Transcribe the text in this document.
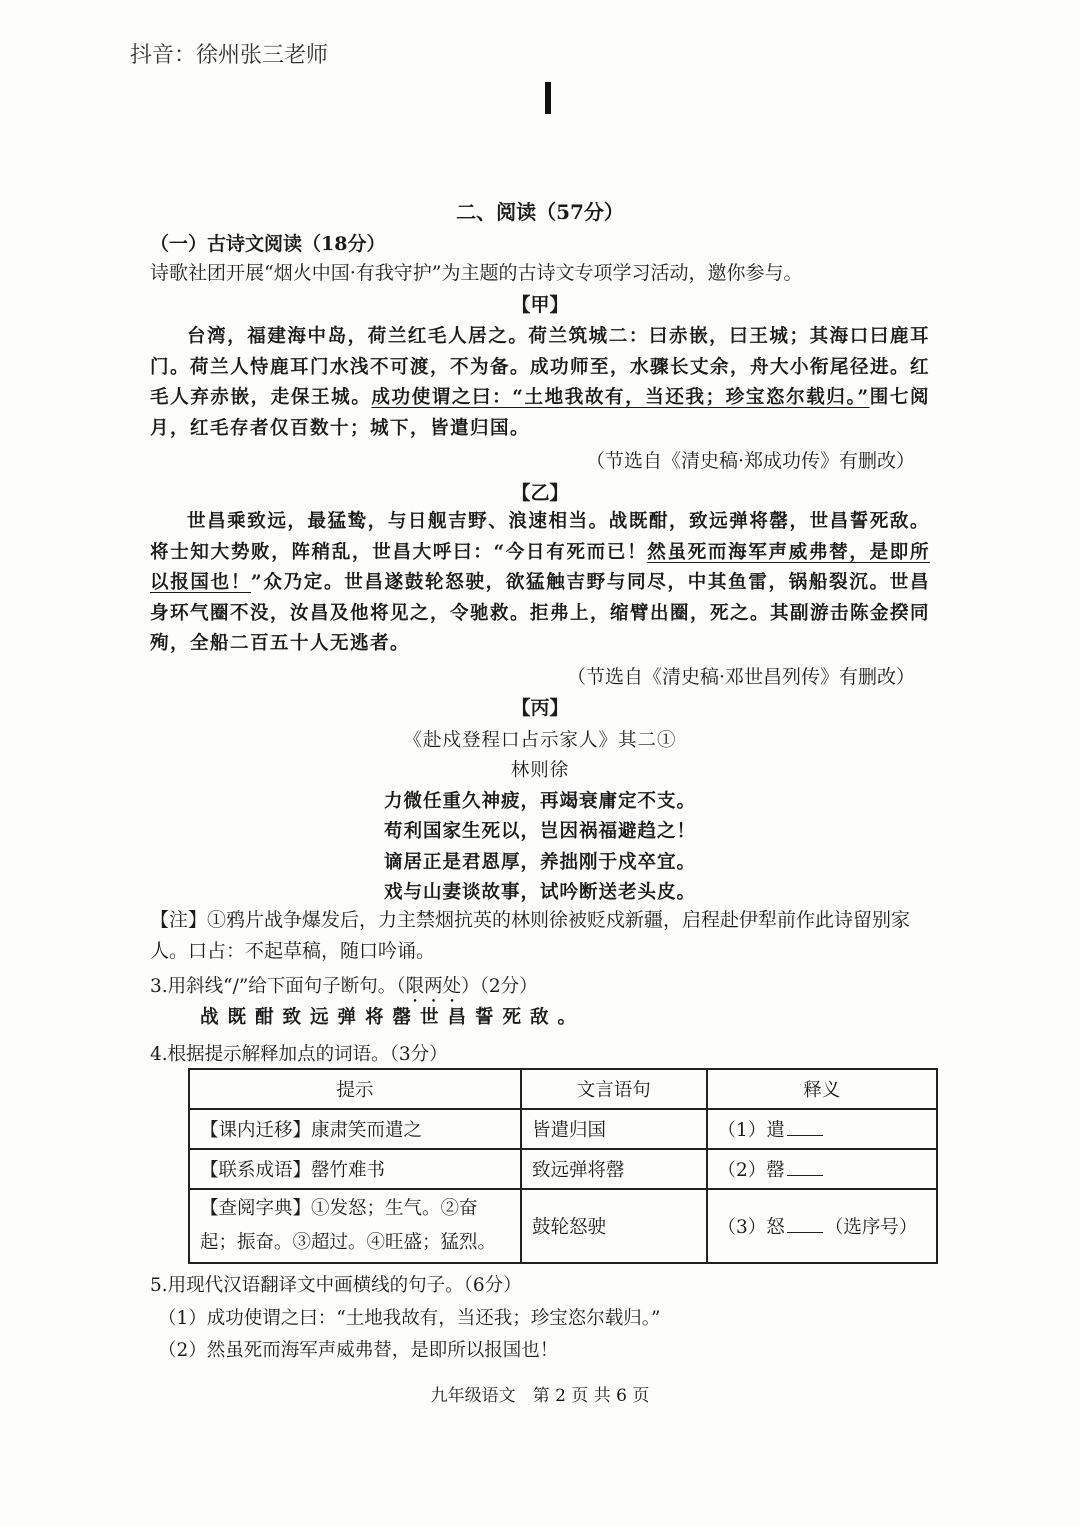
抖音：徐州张三老师
二、阅读（57分）
（一）古诗文阅读（18分）
诗歌社团开展“烟火中国·有我守护”为主题的古诗文专项学习活动，邀你参与。
【甲】
台湾，福建海中岛，荷兰红毛人居之。荷兰筑城二：曰赤嵌，曰王城；其海口曰鹿耳门。荷兰人恃鹿耳门水浅不可渡，不为备。成功师至，水骤长丈余，舟大小衔尾径进。红毛人弃赤嵌，走保王城。成功使谓之曰：“土地我故有，当还我；珍宝恣尔载归。”围七阅月，红毛存者仅百数十；城下，皆遣归国。
（节选自《清史稿·郑成功传》有删改）
【乙】
世昌乘致远，最猛鸷，与日舰吉野、浪速相当。战既酣，致远弹将罄，世昌誓死敌。将士知大势败，阵稍乱，世昌大呼曰：“今日有死而已！然虽死而海军声威弗替，是即所以报国也！”众乃定。世昌遂鼓轮怒驶，欲猛触吉野与同尽，中其鱼雷，锅船裂沉。世昌身环气圈不没，汝昌及他将见之，令驰救。拒弗上，缩臂出圈，死之。其副游击陈金揆同殉，全船二百五十人无逃者。
（节选自《清史稿·邓世昌列传》有删改）
【丙】
《赴戍登程口占示家人》其二①
林则徐
力微任重久神疲，再竭衰庸定不支。
苟利国家生死以，岂因祸福避趋之！
谪居正是君恩厚，养拙刚于戍卒宜。
戏与山妻谈故事，试吟断送老头皮。
【注】①鸦片战争爆发后，力主禁烟抗英的林则徐被贬戍新疆，启程赴伊犁前作此诗留别家人。口占：不起草稿，随口吟诵。
3.用斜线“/”给下面句子断句。（限两处）（2分）
战既酣致远弹将罄世昌誓死敌。
4.根据提示解释加点的词语。（3分）
提示	文言语句	释义
【课内迁移】康肃笑而遣之	皆遣归国	（1）遣
【联系成语】罄竹难书	致远弹将罄	（2）罄
【查阅字典】①发怒；生气。②奋起；振奋。③超过。④旺盛；猛烈。	鼓轮怒驶	（3）怒 （选序号）
5.用现代汉语翻译文中画横线的句子。（6分）
（1）成功使谓之曰：“土地我故有，当还我；珍宝恣尔载归。”
（2）然虽死而海军声威弗替，是即所以报国也！
九年级语文　第 2 页 共 6 页
